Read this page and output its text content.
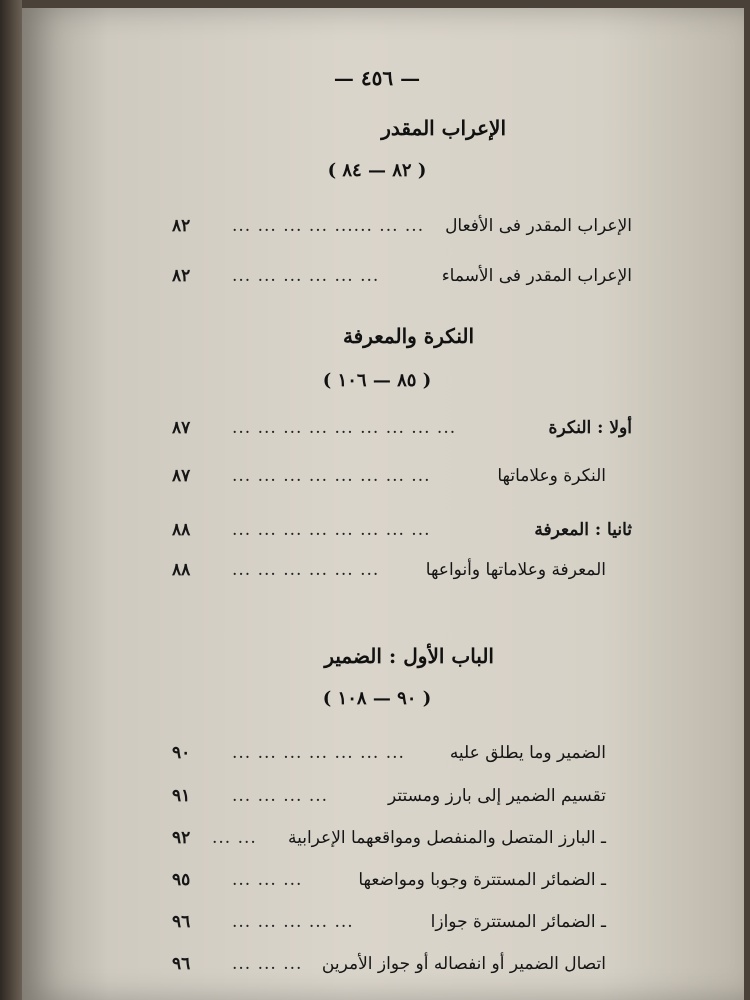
— ٤٥٦ —
الإعراب المقدر
( ٨٢ — ٨٤ )
الإعراب المقدر فى الأفعال
... ... ...... ... ... ... ...
٨٢
الإعراب المقدر فى الأسماء
... ... ... ... ... ...
٨٢
النكرة والمعرفة
( ٨٥ — ١٠٦ )
أولا : النكرة
... ... ... ... ... ... ... ... ...
٨٧
النكرة وعلاماتها
... ... ... ... ... ... ... ...
٨٧
ثانيا : المعرفة
... ... ... ... ... ... ... ...
٨٨
المعرفة وعلاماتها وأنواعها
... ... ... ... ... ...
٨٨
الباب الأول : الضمير
( ٩٠ — ١٠٨ )
الضمير وما يطلق عليه
... ... ... ... ... ... ...
٩٠
تقسيم الضمير إلى بارز ومستتر
... ... ... ...
٩١
ـ البارز المتصل والمنفصل ومواقعهما الإعرابية
... ...
٩٢
ـ الضمائر المستترة وجوبا ومواضعها
... ... ...
٩٥
ـ الضمائر المستترة جوازا
... ... ... ... ...
٩٦
اتصال الضمير أو انفصاله أو جواز الأمرين
... ... ...
٩٦
